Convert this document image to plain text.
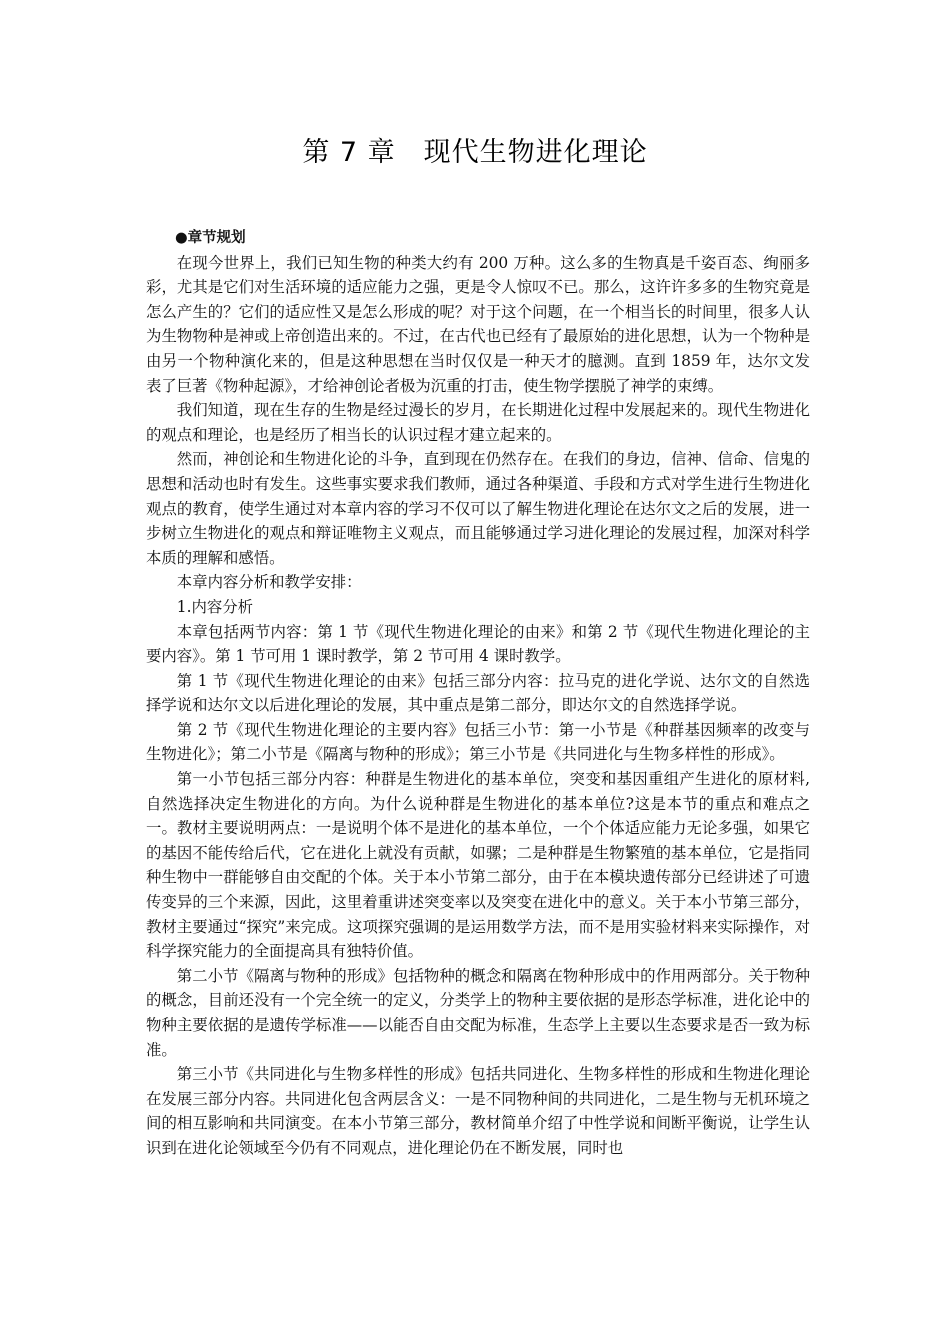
第 7 章　现代生物进化理论
●章节规划

在现今世界上，我们已知生物的种类大约有 200 万种。这么多的生物真是千姿百态、绚丽多彩，尤其是它们对生活环境的适应能力之强，更是令人惊叹不已。那么，这许许多多的生物究竟是怎么产生的？它们的适应性又是怎么形成的呢？对于这个问题，在一个相当长的时间里，很多人认为生物物种是神或上帝创造出来的。不过，在古代也已经有了最原始的进化思想，认为一个物种是由另一个物种演化来的，但是这种思想在当时仅仅是一种天才的臆测。直到 1859 年，达尔文发表了巨著《物种起源》，才给神创论者极为沉重的打击，使生物学摆脱了神学的束缚。

我们知道，现在生存的生物是经过漫长的岁月，在长期进化过程中发展起来的。现代生物进化的观点和理论，也是经历了相当长的认识过程才建立起来的。

然而，神创论和生物进化论的斗争，直到现在仍然存在。在我们的身边，信神、信命、信鬼的思想和活动也时有发生。这些事实要求我们教师，通过各种渠道、手段和方式对学生进行生物进化观点的教育，使学生通过对本章内容的学习不仅可以了解生物进化理论在达尔文之后的发展，进一步树立生物进化的观点和辩证唯物主义观点，而且能够通过学习进化理论的发展过程，加深对科学本质的理解和感悟。

本章内容分析和教学安排：

1.内容分析

本章包括两节内容：第 1 节《现代生物进化理论的由来》和第 2 节《现代生物进化理论的主要内容》。第 1 节可用 1 课时教学，第 2 节可用 4 课时教学。

第 1 节《现代生物进化理论的由来》包括三部分内容：拉马克的进化学说、达尔文的自然选择学说和达尔文以后进化理论的发展，其中重点是第二部分，即达尔文的自然选择学说。

第 2 节《现代生物进化理论的主要内容》包括三小节：第一小节是《种群基因频率的改变与生物进化》；第二小节是《隔离与物种的形成》；第三小节是《共同进化与生物多样性的形成》。

第一小节包括三部分内容：种群是生物进化的基本单位，突变和基因重组产生进化的原材料,自然选择决定生物进化的方向。为什么说种群是生物进化的基本单位?这是本节的重点和难点之一。教材主要说明两点：一是说明个体不是进化的基本单位，一个个体适应能力无论多强，如果它的基因不能传给后代，它在进化上就没有贡献，如骡；二是种群是生物繁殖的基本单位，它是指同种生物中一群能够自由交配的个体。关于本小节第二部分，由于在本模块遗传部分已经讲述了可遗传变异的三个来源，因此，这里着重讲述突变率以及突变在进化中的意义。关于本小节第三部分，教材主要通过“探究”来完成。这项探究强调的是运用数学方法，而不是用实验材料来实际操作，对科学探究能力的全面提高具有独特价值。

第二小节《隔离与物种的形成》包括物种的概念和隔离在物种形成中的作用两部分。关于物种的概念，目前还没有一个完全统一的定义，分类学上的物种主要依据的是形态学标准，进化论中的物种主要依据的是遗传学标准——以能否自由交配为标准，生态学上主要以生态要求是否一致为标准。

第三小节《共同进化与生物多样性的形成》包括共同进化、生物多样性的形成和生物进化理论在发展三部分内容。共同进化包含两层含义：一是不同物种间的共同进化，二是生物与无机环境之间的相互影响和共同演变。在本小节第三部分，教材简单介绍了中性学说和间断平衡说，让学生认识到在进化论领域至今仍有不同观点，进化理论仍在不断发展，同时也
